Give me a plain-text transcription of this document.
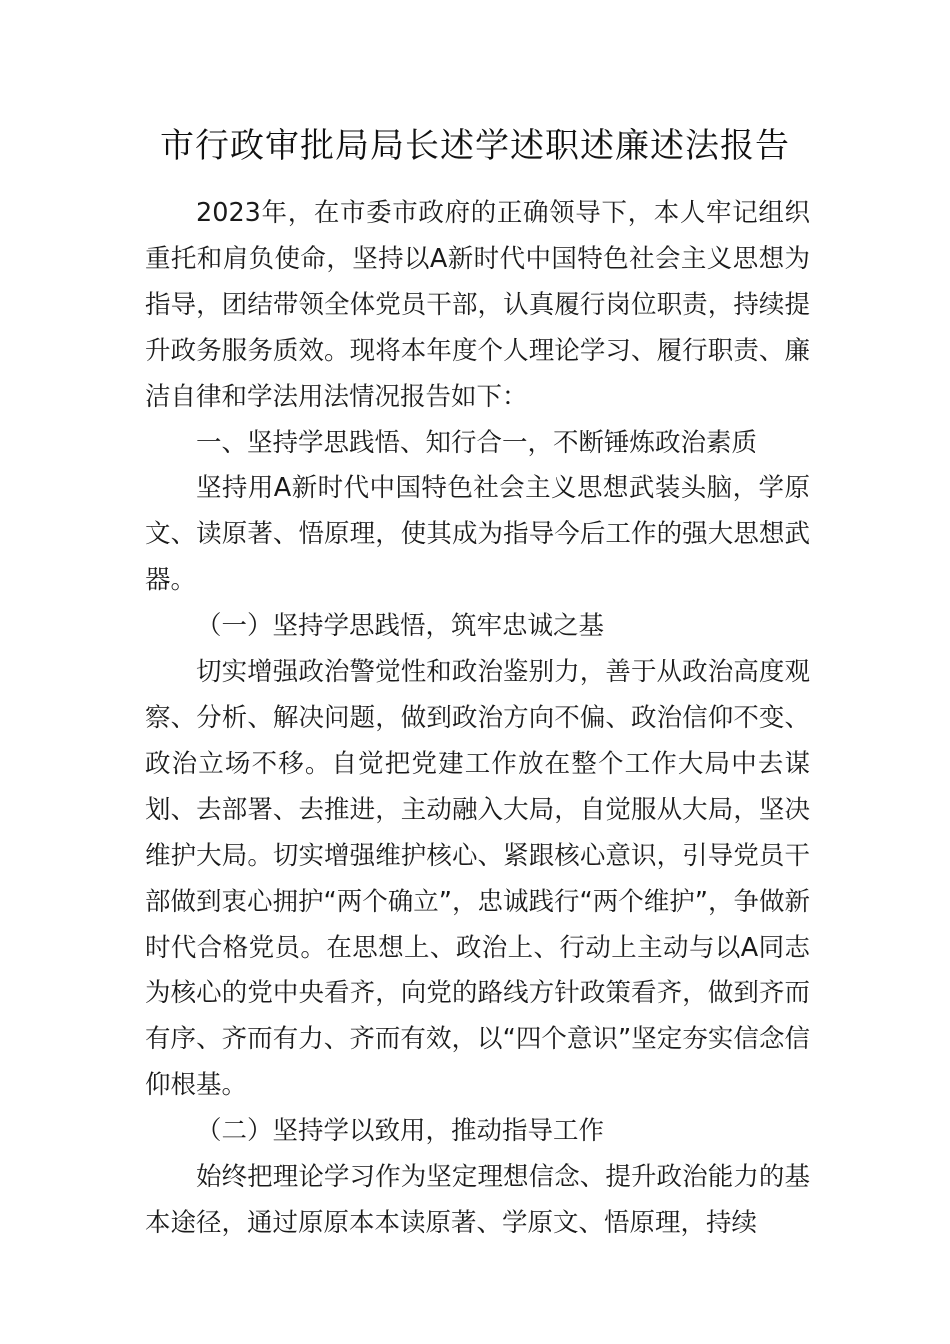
市行政审批局局长述学述职述廉述法报告

2023年，在市委市政府的正确领导下，本人牢记组织重托和肩负使命，坚持以A新时代中国特色社会主义思想为指导，团结带领全体党员干部，认真履行岗位职责，持续提升政务服务质效。现将本年度个人理论学习、履行职责、廉洁自律和学法用法情况报告如下：

一、坚持学思践悟、知行合一，不断锤炼政治素质

坚持用A新时代中国特色社会主义思想武装头脑，学原文、读原著、悟原理，使其成为指导今后工作的强大思想武器。

（一）坚持学思践悟，筑牢忠诚之基

切实增强政治警觉性和政治鉴别力，善于从政治高度观察、分析、解决问题，做到政治方向不偏、政治信仰不变、政治立场不移。自觉把党建工作放在整个工作大局中去谋划、去部署、去推进，主动融入大局，自觉服从大局，坚决维护大局。切实增强维护核心、紧跟核心意识，引导党员干部做到衷心拥护“两个确立”，忠诚践行“两个维护”，争做新时代合格党员。在思想上、政治上、行动上主动与以A同志为核心的党中央看齐，向党的路线方针政策看齐，做到齐而有序、齐而有力、齐而有效，以“四个意识”坚定夯实信念信仰根基。

（二）坚持学以致用，推动指导工作

始终把理论学习作为坚定理想信念、提升政治能力的基本途径，通过原原本本读原著、学原文、悟原理，持续
